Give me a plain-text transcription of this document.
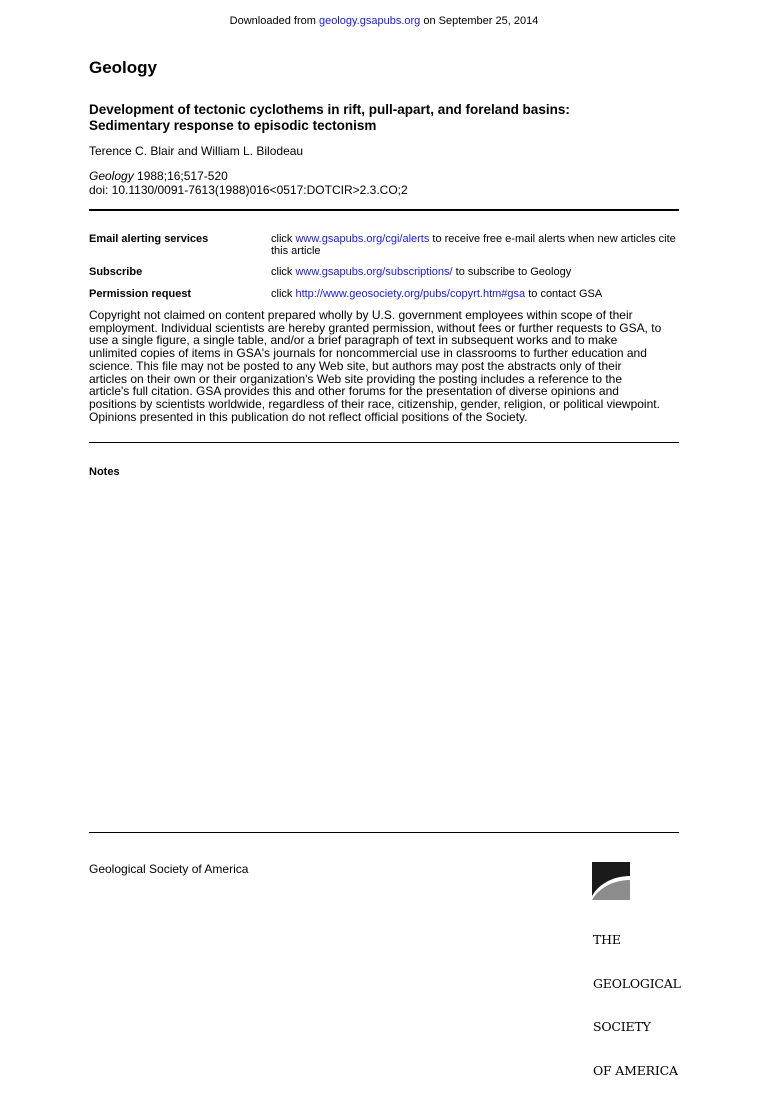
Downloaded from geology.gsapubs.org on September 25, 2014
Geology
Development of tectonic cyclothems in rift, pull-apart, and foreland basins:
Sedimentary response to episodic tectonism
Terence C. Blair and William L. Bilodeau
Geology 1988;16;517-520
doi: 10.1130/0091-7613(1988)016<0517:DOTCIR>2.3.CO;2
Email alerting services	click www.gsapubs.org/cgi/alerts to receive free e-mail alerts when new articles cite this article
Subscribe	click www.gsapubs.org/subscriptions/ to subscribe to Geology
Permission request	click http://www.geosociety.org/pubs/copyrt.htm#gsa to contact GSA
Copyright not claimed on content prepared wholly by U.S. government employees within scope of their
employment. Individual scientists are hereby granted permission, without fees or further requests to GSA, to
use a single figure, a single table, and/or a brief paragraph of text in subsequent works and to make
unlimited copies of items in GSA's journals for noncommercial use in classrooms to further education and
science. This file may not be posted to any Web site, but authors may post the abstracts only of their
articles on their own or their organization's Web site providing the posting includes a reference to the
article's full citation. GSA provides this and other forums for the presentation of diverse opinions and
positions by scientists worldwide, regardless of their race, citizenship, gender, religion, or political viewpoint.
Opinions presented in this publication do not reflect official positions of the Society.
Notes
Geological Society of America

THE

GEOLOGICAL

SOCIETY

OF AMERICA
